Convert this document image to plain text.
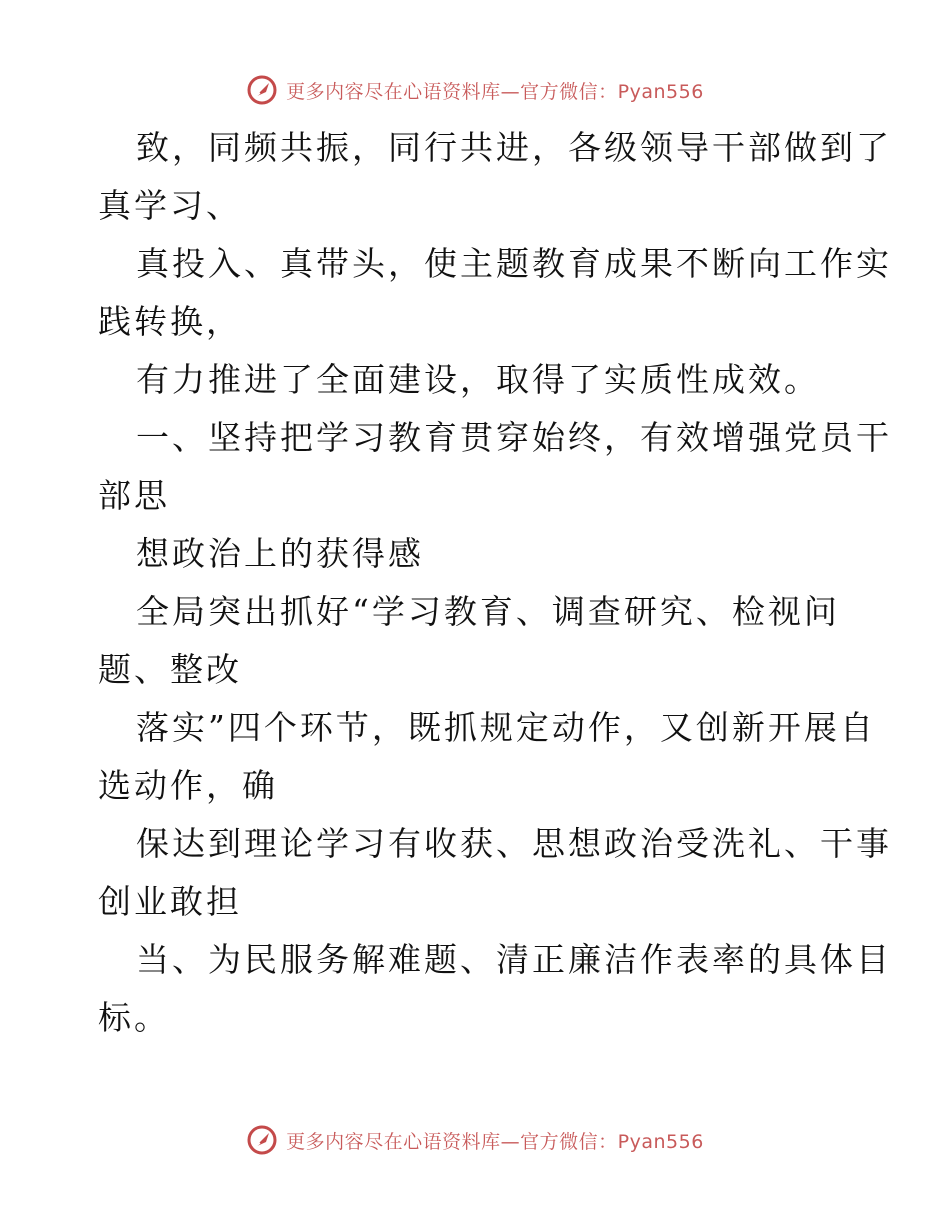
更多内容尽在心语资料库—官方微信：Pyan556
致，同频共振，同行共进，各级领导干部做到了
真学习、
真投入、真带头，使主题教育成果不断向工作实
践转换，
有力推进了全面建设，取得了实质性成效。
一、坚持把学习教育贯穿始终，有效增强党员干
部思
想政治上的获得感
全局突出抓好“学习教育、调查研究、检视问
题、整改
落实”四个环节，既抓规定动作，又创新开展自
选动作，确
保达到理论学习有收获、思想政治受洗礼、干事
创业敢担
当、为民服务解难题、清正廉洁作表率的具体目
标。
更多内容尽在心语资料库—官方微信：Pyan556
